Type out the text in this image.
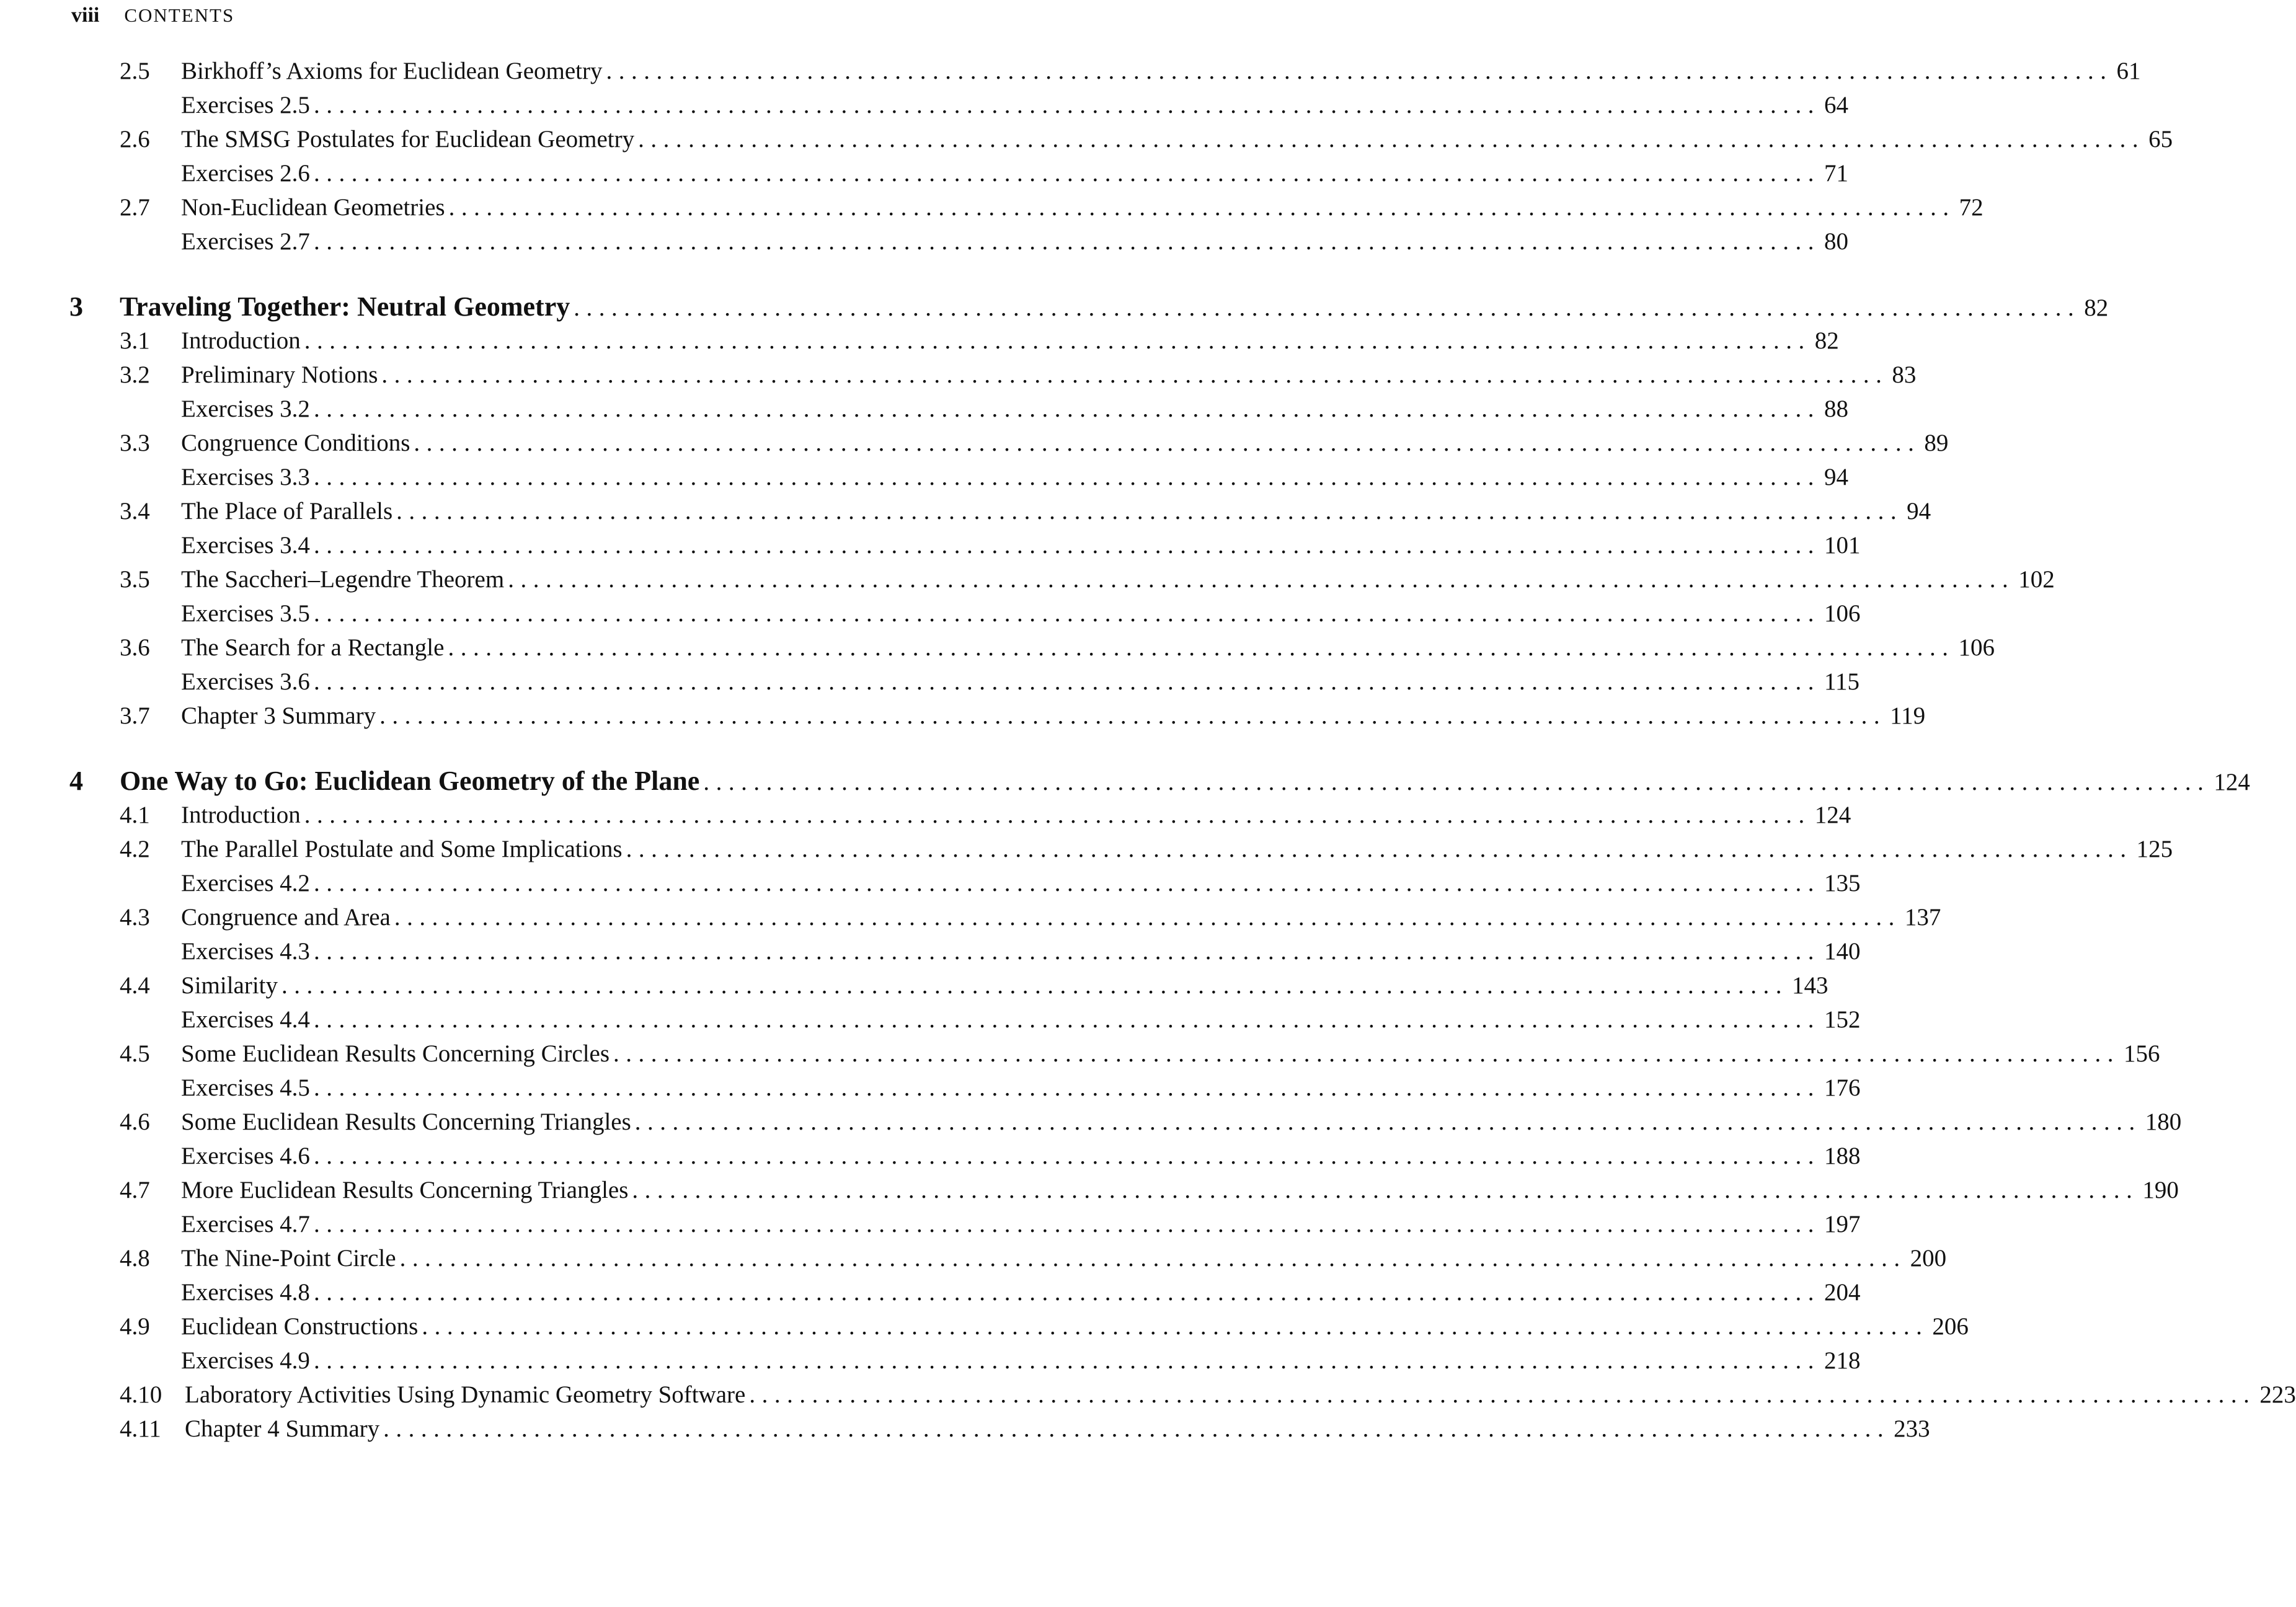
viii CONTENTS
2.5 Birkhoff’s Axioms for Euclidean Geometry ........................................................................................................................ 61
Exercises 2.5 ........................................................................................................................ 64
2.6 The SMSG Postulates for Euclidean Geometry ........................................................................................................................ 65
Exercises 2.6 ........................................................................................................................ 71
2.7 Non-Euclidean Geometries ........................................................................................................................ 72
Exercises 2.7 ........................................................................................................................ 80
3 Traveling Together: Neutral Geometry ........................................................................................................................ 82
3.1 Introduction ........................................................................................................................ 82
3.2 Preliminary Notions ........................................................................................................................ 83
Exercises 3.2 ........................................................................................................................ 88
3.3 Congruence Conditions ........................................................................................................................ 89
Exercises 3.3 ........................................................................................................................ 94
3.4 The Place of Parallels ........................................................................................................................ 94
Exercises 3.4 ........................................................................................................................ 101
3.5 The Saccheri–Legendre Theorem ........................................................................................................................ 102
Exercises 3.5 ........................................................................................................................ 106
3.6 The Search for a Rectangle ........................................................................................................................ 106
Exercises 3.6 ........................................................................................................................ 115
3.7 Chapter 3 Summary ........................................................................................................................ 119
4 One Way to Go: Euclidean Geometry of the Plane ........................................................................................................................ 124
4.1 Introduction ........................................................................................................................ 124
4.2 The Parallel Postulate and Some Implications ........................................................................................................................ 125
Exercises 4.2 ........................................................................................................................ 135
4.3 Congruence and Area ........................................................................................................................ 137
Exercises 4.3 ........................................................................................................................ 140
4.4 Similarity ........................................................................................................................ 143
Exercises 4.4 ........................................................................................................................ 152
4.5 Some Euclidean Results Concerning Circles ........................................................................................................................ 156
Exercises 4.5 ........................................................................................................................ 176
4.6 Some Euclidean Results Concerning Triangles ........................................................................................................................ 180
Exercises 4.6 ........................................................................................................................ 188
4.7 More Euclidean Results Concerning Triangles ........................................................................................................................ 190
Exercises 4.7 ........................................................................................................................ 197
4.8 The Nine-Point Circle ........................................................................................................................ 200
Exercises 4.8 ........................................................................................................................ 204
4.9 Euclidean Constructions ........................................................................................................................ 206
Exercises 4.9 ........................................................................................................................ 218
4.10 Laboratory Activities Using Dynamic Geometry Software ........................................................................................................................ 223
4.11 Chapter 4 Summary ........................................................................................................................ 233
